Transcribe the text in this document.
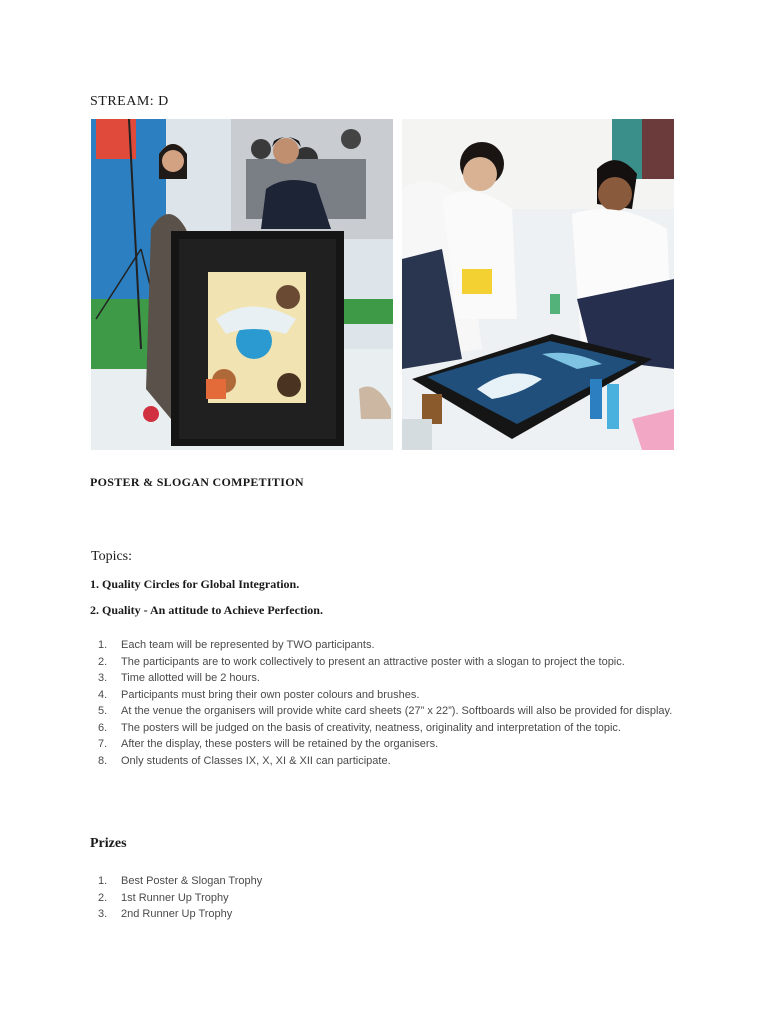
STREAM: D
POSTER & SLOGAN COMPETITION
Topics:
1. Quality Circles for Global Integration.
2. Quality - An attitude to Achieve Perfection.
1. Each team will be represented by TWO participants.
2. The participants are to work collectively to present an attractive poster with a slogan to project the topic.
3. Time allotted will be 2 hours.
4. Participants must bring their own poster colours and brushes.
5. At the venue the organisers will provide white card sheets (27” x 22”). Softboards will also be provided for display.
6. The posters will be judged on the basis of creativity, neatness, originality and interpretation of the topic.
7. After the display, these posters will be retained by the organisers.
8. Only students of Classes IX, X, XI & XII can participate.
Prizes
1. Best Poster & Slogan Trophy
2. 1st Runner Up Trophy
3. 2nd Runner Up Trophy
